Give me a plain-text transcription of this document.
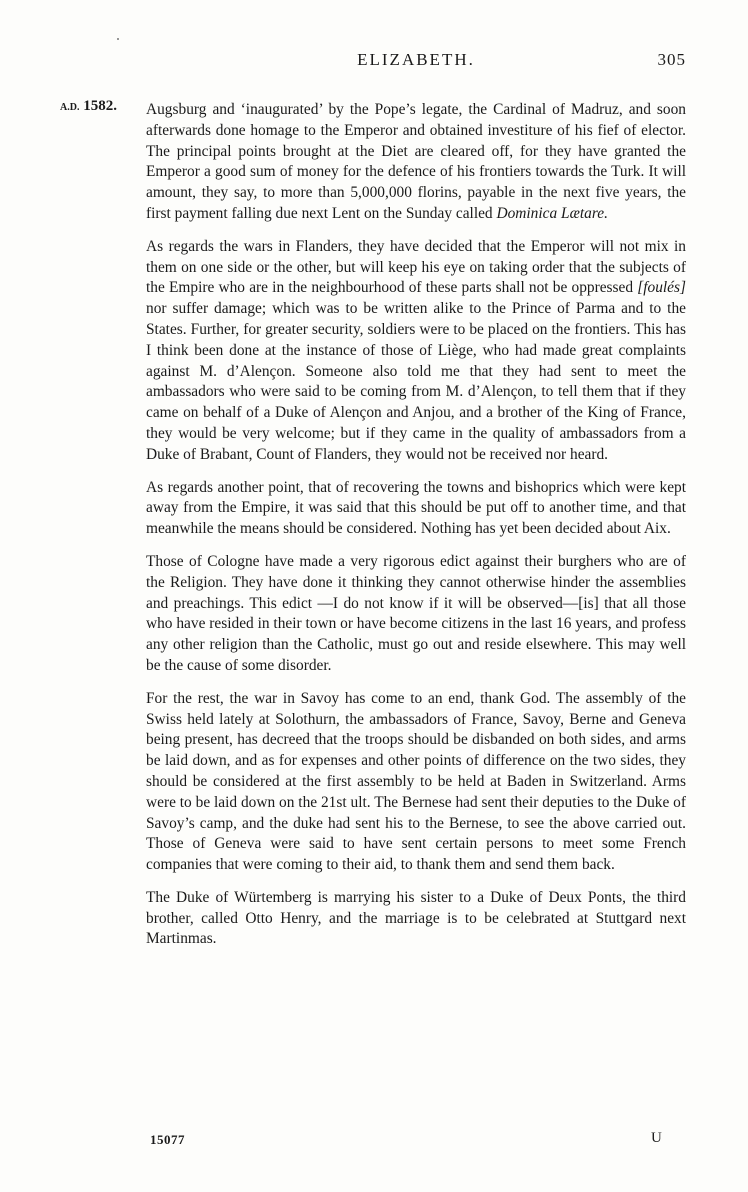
ELIZABETH.	305
A.D. 1582. Augsburg and ‘inaugurated’ by the Pope’s legate, the Cardinal of Madruz, and soon afterwards done homage to the Emperor and obtained investiture of his fief of elector. The principal points brought at the Diet are cleared off, for they have granted the Emperor a good sum of money for the defence of his frontiers towards the Turk. It will amount, they say, to more than 5,000,000 florins, payable in the next five years, the first payment falling due next Lent on the Sunday called Dominica Lætare.

As regards the wars in Flanders, they have decided that the Emperor will not mix in them on one side or the other, but will keep his eye on taking order that the subjects of the Empire who are in the neighbourhood of these parts shall not be oppressed [foulés] nor suffer damage; which was to be written alike to the Prince of Parma and to the States. Further, for greater security, soldiers were to be placed on the frontiers. This has I think been done at the instance of those of Liège, who had made great complaints against M. d’Alençon. Someone also told me that they had sent to meet the ambassadors who were said to be coming from M. d’Alençon, to tell them that if they came on behalf of a Duke of Alençon and Anjou, and a brother of the King of France, they would be very welcome; but if they came in the quality of ambassadors from a Duke of Brabant, Count of Flanders, they would not be received nor heard.

As regards another point, that of recovering the towns and bishoprics which were kept away from the Empire, it was said that this should be put off to another time, and that meanwhile the means should be considered. Nothing has yet been decided about Aix.

Those of Cologne have made a very rigorous edict against their burghers who are of the Religion. They have done it thinking they cannot otherwise hinder the assemblies and preachings. This edict —I do not know if it will be observed—[is] that all those who have resided in their town or have become citizens in the last 16 years, and profess any other religion than the Catholic, must go out and reside elsewhere. This may well be the cause of some disorder.

For the rest, the war in Savoy has come to an end, thank God. The assembly of the Swiss held lately at Solothurn, the ambassadors of France, Savoy, Berne and Geneva being present, has decreed that the troops should be disbanded on both sides, and arms be laid down, and as for expenses and other points of difference on the two sides, they should be considered at the first assembly to be held at Baden in Switzerland. Arms were to be laid down on the 21st ult. The Bernese had sent their deputies to the Duke of Savoy’s camp, and the duke had sent his to the Bernese, to see the above carried out. Those of Geneva were said to have sent certain persons to meet some French companies that were coming to their aid, to thank them and send them back.

The Duke of Würtemberg is marrying his sister to a Duke of Deux Ponts, the third brother, called Otto Henry, and the marriage is to be celebrated at Stuttgard next Martinmas.

15077	U
